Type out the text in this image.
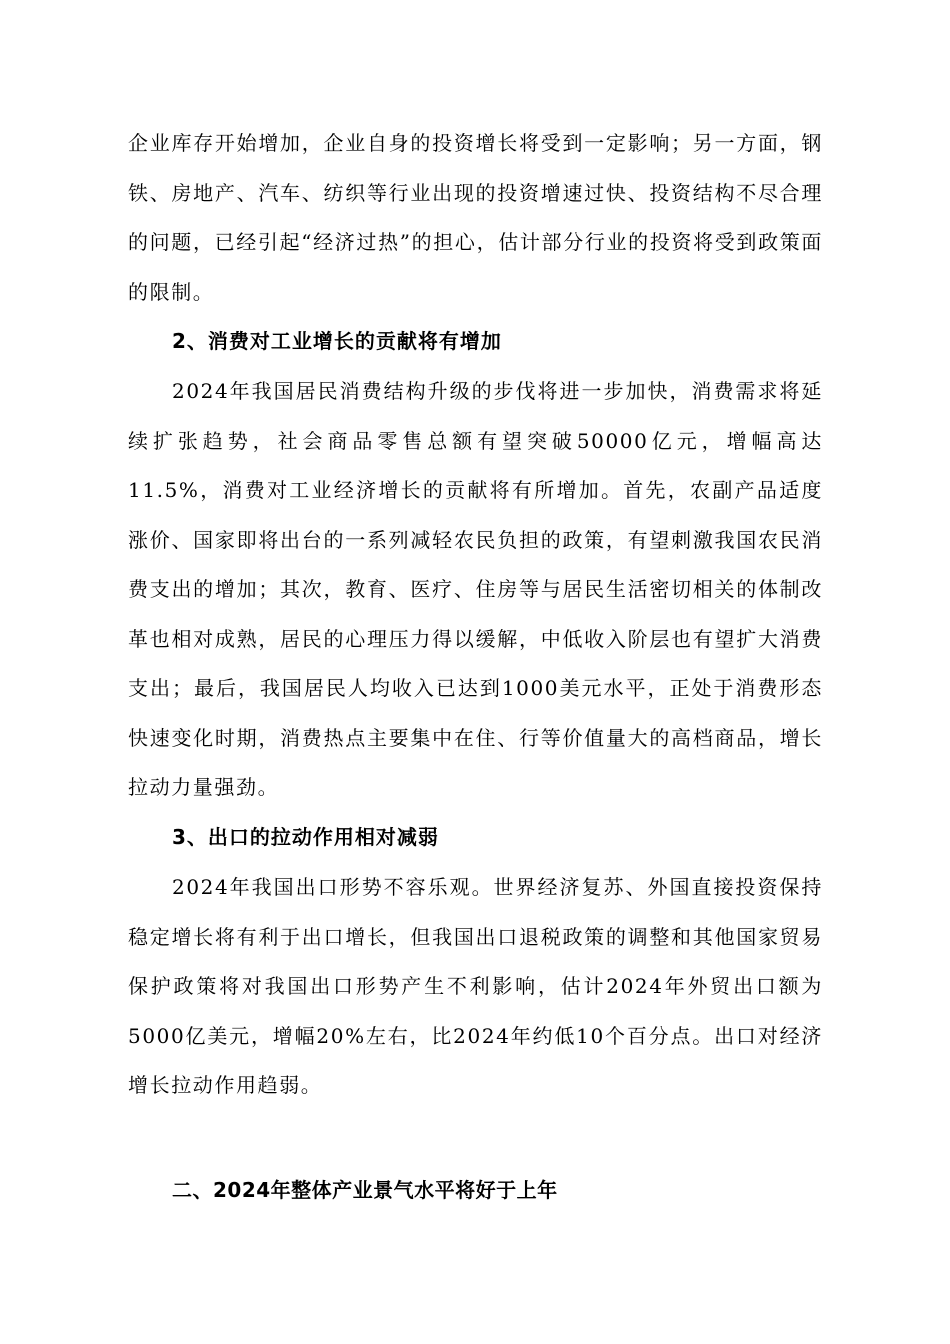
企业库存开始增加，企业自身的投资增长将受到一定影响；另一方面，钢铁、房地产、汽车、纺织等行业出现的投资增速过快、投资结构不尽合理的问题，已经引起“经济过热”的担心，估计部分行业的投资将受到政策面的限制。

2、消费对工业增长的贡献将有增加

2024年我国居民消费结构升级的步伐将进一步加快，消费需求将延续扩张趋势，社会商品零售总额有望突破50000亿元，增幅高达11.5%，消费对工业经济增长的贡献将有所增加。首先，农副产品适度涨价、国家即将出台的一系列减轻农民负担的政策，有望刺激我国农民消费支出的增加；其次，教育、医疗、住房等与居民生活密切相关的体制改革也相对成熟，居民的心理压力得以缓解，中低收入阶层也有望扩大消费支出；最后，我国居民人均收入已达到1000美元水平，正处于消费形态快速变化时期，消费热点主要集中在住、行等价值量大的高档商品，增长拉动力量强劲。

3、出口的拉动作用相对减弱

2024年我国出口形势不容乐观。世界经济复苏、外国直接投资保持稳定增长将有利于出口增长，但我国出口退税政策的调整和其他国家贸易保护政策将对我国出口形势产生不利影响，估计2024年外贸出口额为5000亿美元，增幅20%左右，比2024年约低10个百分点。出口对经济增长拉动作用趋弱。

二、2024年整体产业景气水平将好于上年
